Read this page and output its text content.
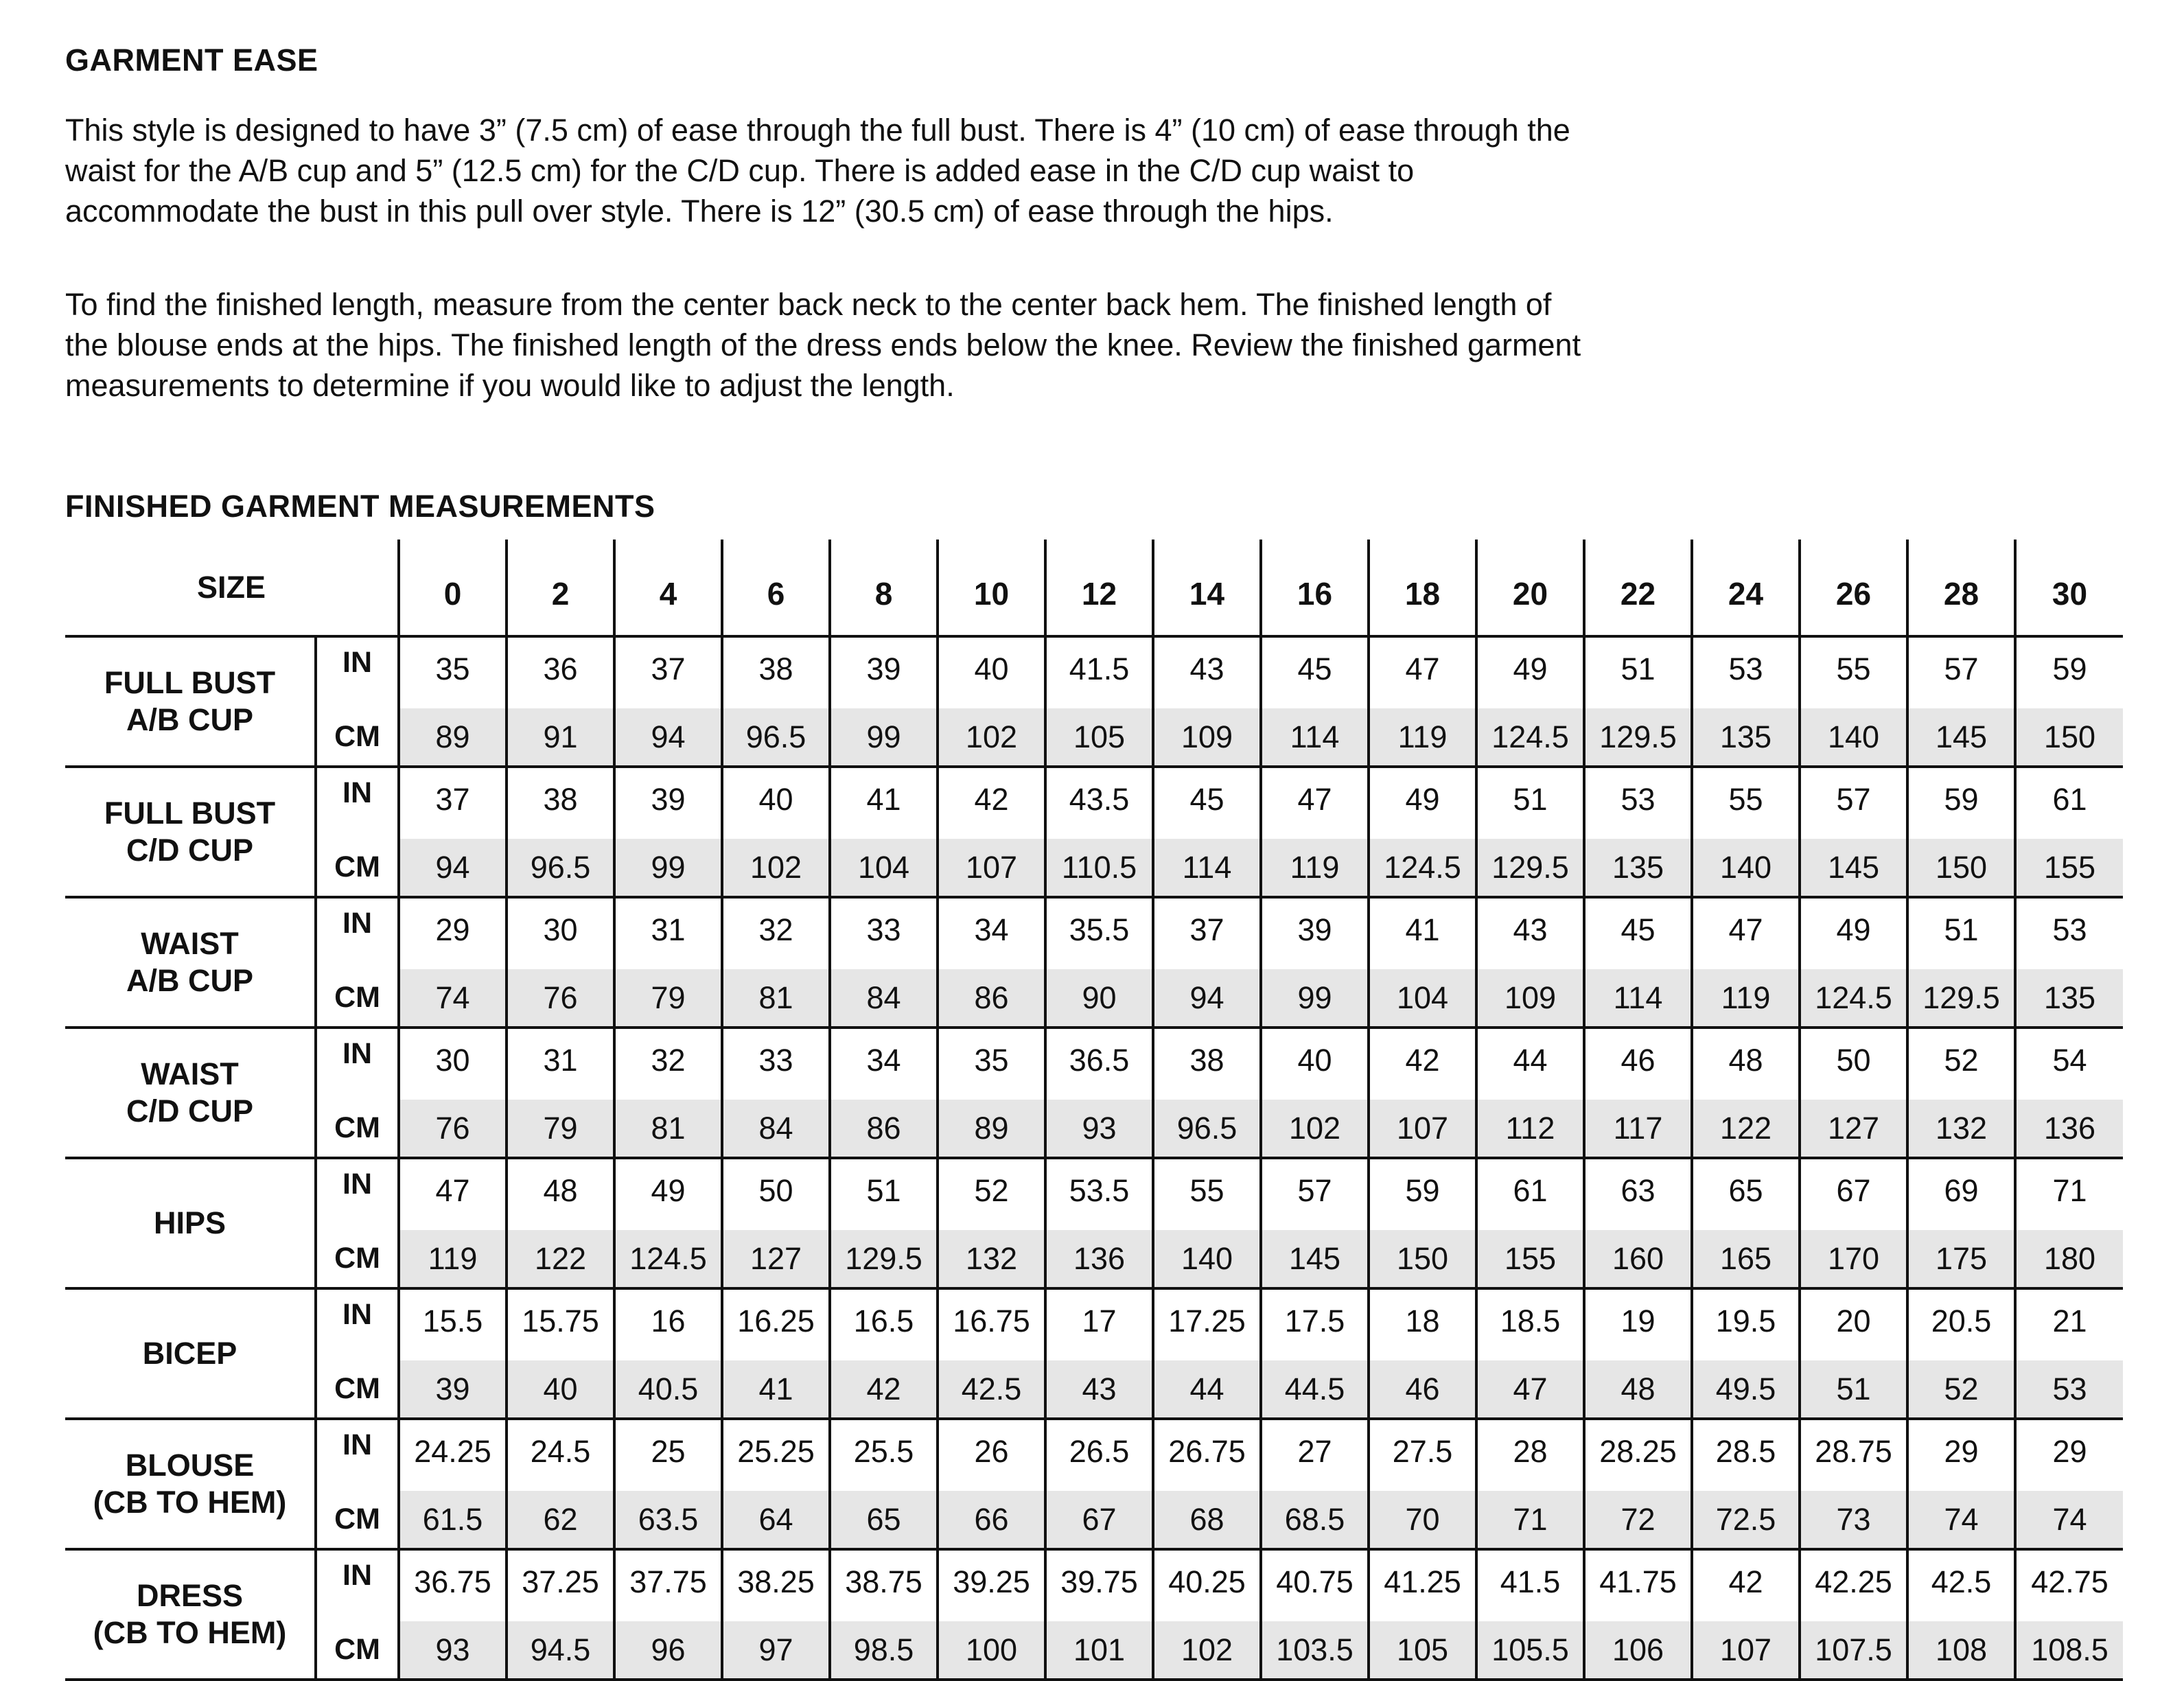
GARMENT EASE

This style is designed to have 3” (7.5 cm) of ease through the full bust. There is 4” (10 cm) of ease through the waist for the A/B cup and 5” (12.5 cm) for the C/D cup. There is added ease in the C/D cup waist to accommodate the bust in this pull over style. There is 12” (30.5 cm) of ease through the hips.

To find the finished length, measure from the center back neck to the center back hem. The finished length of the blouse ends at the hips. The finished length of the dress ends below the knee. Review the finished garment measurements to determine if you would like to adjust the length.

FINISHED GARMENT MEASUREMENTS
SIZE		0	2	4	6	8	10	12	14	16	18	20	22	24	26	28	30

FULL BUST
A/B CUP	IN	35	36	37	38	39	40	41.5	43	45	47	49	51	53	55	57	59
	CM	89	91	94	96.5	99	102	105	109	114	119	124.5	129.5	135	140	145	150

FULL BUST
C/D CUP	IN	37	38	39	40	41	42	43.5	45	47	49	51	53	55	57	59	61
	CM	94	96.5	99	102	104	107	110.5	114	119	124.5	129.5	135	140	145	150	155

WAIST
A/B CUP	IN	29	30	31	32	33	34	35.5	37	39	41	43	45	47	49	51	53
	CM	74	76	79	81	84	86	90	94	99	104	109	114	119	124.5	129.5	135

WAIST
C/D CUP	IN	30	31	32	33	34	35	36.5	38	40	42	44	46	48	50	52	54
	CM	76	79	81	84	86	89	93	96.5	102	107	112	117	122	127	132	136

HIPS	IN	47	48	49	50	51	52	53.5	55	57	59	61	63	65	67	69	71
	CM	119	122	124.5	127	129.5	132	136	140	145	150	155	160	165	170	175	180

BICEP	IN	15.5	15.75	16	16.25	16.5	16.75	17	17.25	17.5	18	18.5	19	19.5	20	20.5	21
	CM	39	40	40.5	41	42	42.5	43	44	44.5	46	47	48	49.5	51	52	53

BLOUSE
(CB TO HEM)	IN	24.25	24.5	25	25.25	25.5	26	26.5	26.75	27	27.5	28	28.25	28.5	28.75	29	29
	CM	61.5	62	63.5	64	65	66	67	68	68.5	70	71	72	72.5	73	74	74

DRESS
(CB TO HEM)	IN	36.75	37.25	37.75	38.25	38.75	39.25	39.75	40.25	40.75	41.25	41.5	41.75	42	42.25	42.5	42.75
	CM	93	94.5	96	97	98.5	100	101	102	103.5	105	105.5	106	107	107.5	108	108.5
